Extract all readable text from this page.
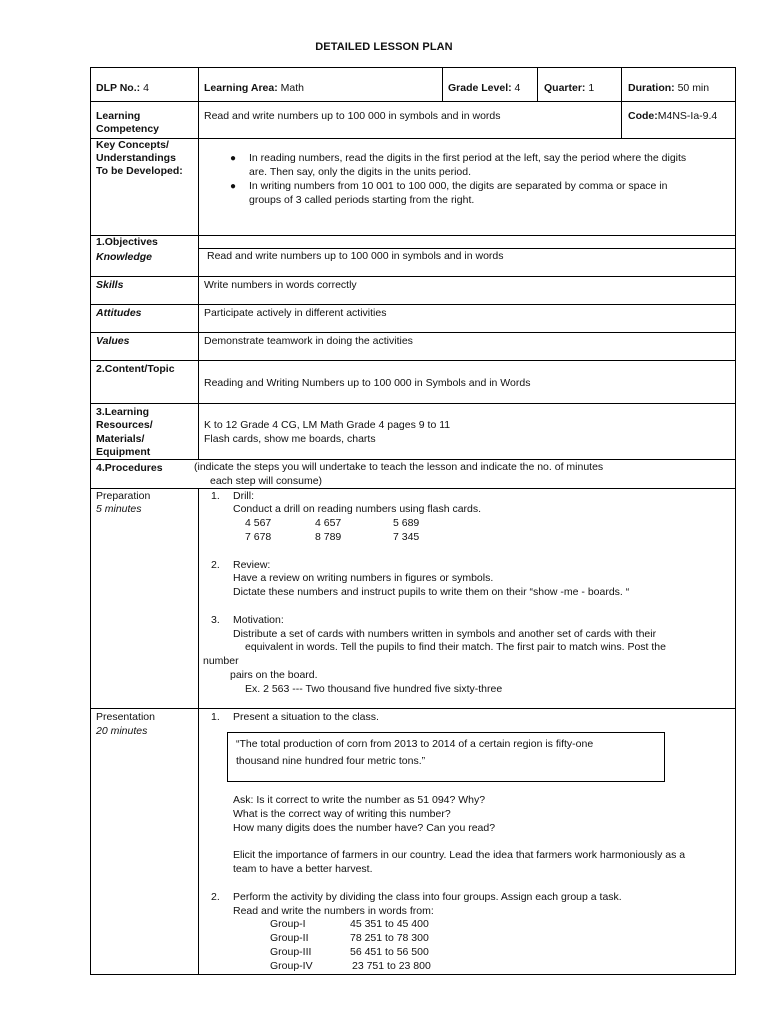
DETAILED LESSON PLAN
DLP No.: 4	Learning Area: Math	Grade Level: 4 Quarter: 1	Duration: 50 min
Learning
Competency
Read and write numbers up to 100 000 in symbols and in words	Code:M4NS-Ia-9.4
Key Concepts/
Understandings
To be Developed:
● In reading numbers, read the digits in the first period at the left, say the period where the digits
are. Then say, only the digits in the units period.
● In writing numbers from 10 001 to 100 000, the digits are separated by comma or space in
groups of 3 called periods starting from the right.
1.Objectives
Knowledge	Read and write numbers up to 100 000 in symbols and in words
Skills	Write numbers in words correctly
Attitudes	Participate actively in different activities
Values	Demonstrate teamwork in doing the activities
2.Content/Topic
Reading and Writing Numbers up to 100 000 in Symbols and in Words
3.Learning
Resources/
Materials/
Equipment
K to 12 Grade 4 CG, LM Math Grade 4 pages 9 to 11
Flash cards, show me boards, charts
4.Procedures	(indicate the steps you will undertake to teach the lesson and indicate the no. of minutes
each step will consume)
Preparation
5 minutes
1. Drill:
Conduct a drill on reading numbers using flash cards.
4 567	4 657	5 689
7 678	8 789	7 345
2. Review:
Have a review on writing numbers in figures or symbols.
Dictate these numbers and instruct pupils to write them on their “show -me - boards. “
3. Motivation:
Distribute a set of cards with numbers written in symbols and another set of cards with their
equivalent in words. Tell the pupils to find their match. The first pair to match wins. Post the
number
pairs on the board.
Ex. 2 563 --- Two thousand five hundred five sixty-three
Presentation
20 minutes
1. Present a situation to the class.
“The total production of corn from 2013 to 2014 of a certain region is fifty-one
thousand nine hundred four metric tons.”
Ask: Is it correct to write the number as 51 094? Why?
What is the correct way of writing this number?
How many digits does the number have? Can you read?
Elicit the importance of farmers in our country. Lead the idea that farmers work harmoniously as a
team to have a better harvest.
2. Perform the activity by dividing the class into four groups. Assign each group a task.
Read and write the numbers in words from:
Group-I	45 351 to 45 400
Group-II	78 251 to 78 300
Group-III	56 451 to 56 500
Group-IV	23 751 to 23 800
